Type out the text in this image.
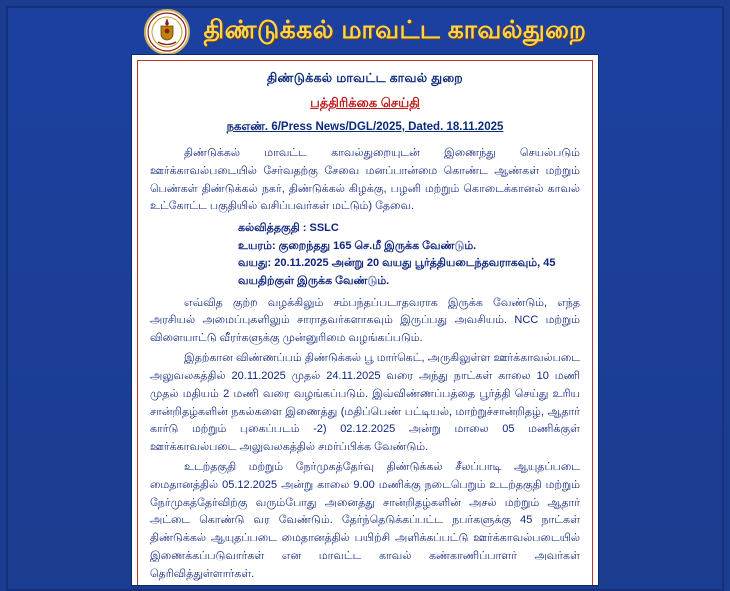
திண்டுக்கல் மாவட்ட காவல்துறை
திண்டுக்கல் மாவட்ட காவல் துறை
பத்திரிக்கை செய்தி
நகஎண். 6/Press News/DGL/2025, Dated. 18.11.2025

திண்டுக்கல் மாவட்ட காவல்துறையுடன் இணைந்து செயல்படும் ஊர்க்காவல்படையில் சேர்வதற்கு சேவை மனப்பான்மை கொண்ட ஆண்கள் மற்றும் பெண்கள் திண்டுக்கல் நகர், திண்டுக்கல் கிழக்கு, பழனி மற்றும் கொடைக்கானல் காவல் உட்கோட்ட பகுதியில் வசிப்பவர்கள் மட்டும்) தேவை.

கல்வித்தகுதி : SSLC
உயரம்: குறைந்தது 165 செ.மீ இருக்க வேண்டும்.
வயது: 20.11.2025 அன்று 20 வயது பூர்த்தியடைந்தவராகவும், 45 வயதிற்குள் இருக்க வேண்டும்.

எவ்வித குற்ற வழக்கிலும் சம்பந்தப்படாதவராக இருக்க வேண்டும், எந்த அரசியல் அமைப்புகளிலும் சாராதவர்களாகவும் இருப்பது அவசியம். NCC மற்றும் விளையாட்டு வீரர்களுக்கு முன்னுரிமை வழங்கப்படும்.

இதற்கான விண்ணப்பம் திண்டுக்கல் பூ மார்கெட், அருகிலுள்ள ஊர்க்காவல்படை அலுவலகத்தில் 20.11.2025 முதல் 24.11.2025 வரை அந்து நாட்கள் காலை 10 மணி முதல் மதியம் 2 மணி வரை வழங்கப்படும். இவ்விண்ணப்பத்தை பூர்த்தி செய்து உரிய சான்றிதழ்களின் நகல்களை இணைத்து (மதிப்பெண் பட்டியல், மாற்றுச்சான்றிதழ், ஆதார் கார்டு மற்றும் புகைப்படம் -2) 02.12.2025 அன்று மாலை 05 மணிக்குள் ஊர்க்காவல்படை அலுவலகத்தில் சமர்ப்பிக்க வேண்டும்.

உடற்தகுதி மற்றும் நேர்முகத்தேர்வு திண்டுக்கல் சீலப்பாடி ஆயுதப்படை மைதானத்தில் 05.12.2025 அன்று காலை 9.00 மணிக்கு நடைபெறும் உடற்தகுதி மற்றும் நேர்முகத்தேர்விற்கு வரும்போது அனைத்து சான்றிதழ்களின் அசல் மற்றும் ஆதார் அட்டை கொண்டு வர வேண்டும். தேர்ந்தெடுக்கப்பட்ட நபர்களுக்கு 45 நாட்கள் திண்டுக்கல் ஆயுதப்படை மைதானத்தில் பயிற்சி அளிக்கப்பட்டு ஊர்க்காவல்படையில் இணைக்கப்படுவார்கள் என மாவட்ட காவல் கண்காணிப்பாளர் அவர்கள் தெரிவித்துள்ளார்கள்.
